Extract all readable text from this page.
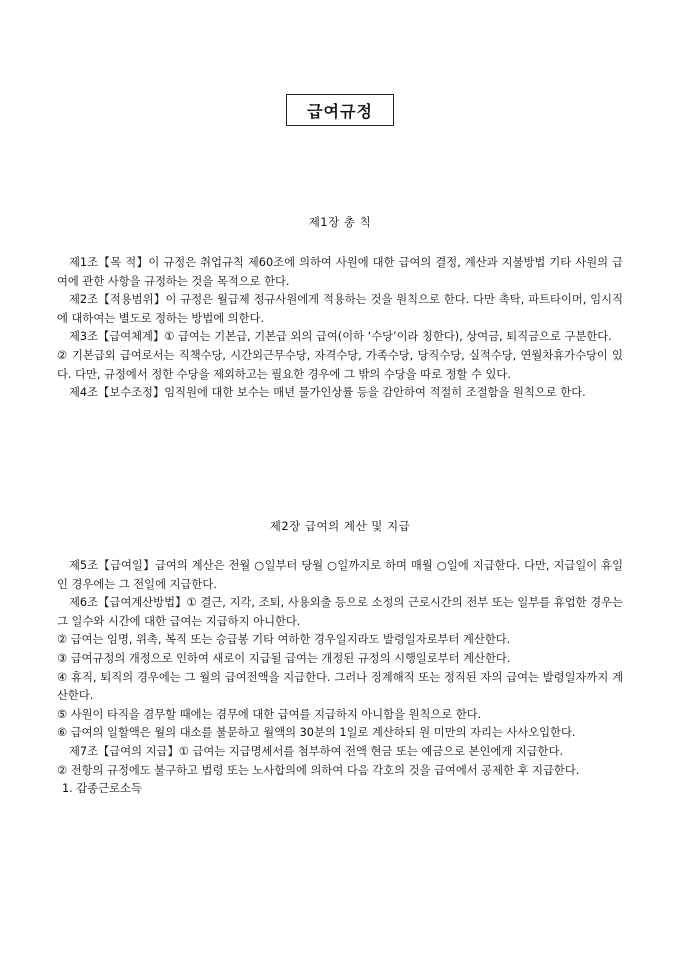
급여규정
제1장 총 칙

제1조【목 적】이 규정은 취업규칙 제60조에 의하여 사원에 대한 급여의 결정, 계산과 지불방법 기타 사원의 급여에 관한 사항을 규정하는 것을 목적으로 한다.

제2조【적용범위】이 규정은 월급제 정규사원에게 적용하는 것을 원칙으로 한다. 다만 촉탁, 파트타이머, 임시직에 대하여는 별도로 정하는 방법에 의한다.

제3조【급여체계】① 급여는 기본급, 기본급 외의 급여(이하 ‘수당’이라 칭한다), 상여금, 퇴직금으로 구분한다.

② 기본급외 급여로서는 직책수당, 시간외근무수당, 자격수당, 가족수당, 당직수당, 실적수당, 연월차휴가수당이 있다. 다만, 규정에서 정한 수당을 제외하고는 필요한 경우에 그 밖의 수당을 따로 정할 수 있다.

제4조【보수조정】임직원에 대한 보수는 매년 물가인상률 등을 감안하여 적절히 조절함을 원칙으로 한다.

제2장 급여의 계산 및 지급

제5조【급여일】급여의 계산은 전월 ○일부터 당월 ○일까지로 하며 매월 ○일에 지급한다. 다만, 지급일이 휴일인 경우에는 그 전일에 지급한다.

제6조【급여계산방법】① 결근, 지각, 조퇴, 사용외출 등으로 소정의 근로시간의 전부 또는 일부를 휴업한 경우는 그 일수와 시간에 대한 급여는 지급하지 아니한다.

② 급여는 임명, 위촉, 복직 또는 승급봉 기타 여하한 경우일지라도 발령일자로부터 계산한다.

③ 급여규정의 개정으로 인하여 새로이 지급될 급여는 개정된 규정의 시행일로부터 계산한다.

④ 휴직, 퇴직의 경우에는 그 월의 급여전액을 지급한다. 그러나 징계해직 또는 정직된 자의 급여는 발령일자까지 계산한다.

⑤ 사원이 타직을 겸무할 때에는 겸무에 대한 급여를 지급하지 아니함을 원칙으로 한다.

⑥ 급여의 일할액은 월의 대소를 불문하고 월액의 30분의 1일로 계산하되 원 미만의 자리는 사사오입한다.

제7조【급여의 지급】① 급여는 지급명세서를 첨부하여 전액 현금 또는 예금으로 본인에게 지급한다.

② 전항의 규정에도 불구하고 법령 또는 노사합의에 의하여 다음 각호의 것을 급여에서 공제한 후 지급한다.

1. 갑종근로소득
